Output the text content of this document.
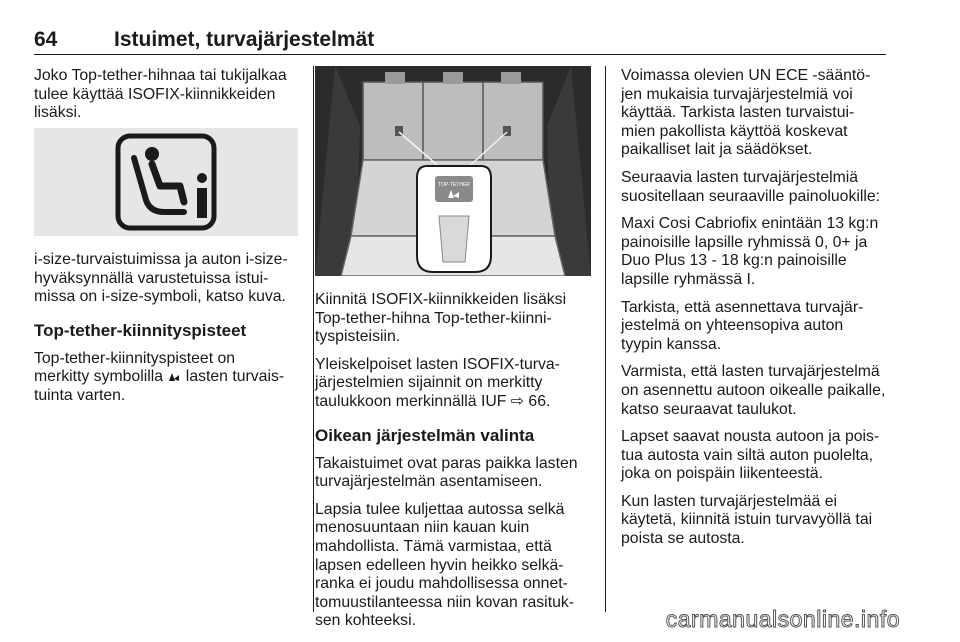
64	Istuimet, turvajärjestelmät

Joko Top-tether-hihnaa tai tukijalkaa
tulee käyttää ISOFIX-kiinnikkeiden
lisäksi.

i-size-turvaistuimissa ja auton i-size-
hyväksynnällä varustetuissa istui-
missa on i-size-symboli, katso kuva.

Top-tether-kiinnityspisteet

Top-tether-kiinnityspisteet on
merkitty symbolilla  lasten turvais-
tuinta varten.

TOP-TETHER

Kiinnitä ISOFIX-kiinnikkeiden lisäksi
Top-tether-hihna Top-tether-kiinni-
tyspisteisiin.

Yleiskelpoiset lasten ISOFIX-turva-
järjestelmien sijainnit on merkitty
taulukkoon merkinnällä IUF ⇨ 66.

Oikean järjestelmän valinta

Takaistuimet ovat paras paikka lasten
turvajärjestelmän asentamiseen.

Lapsia tulee kuljettaa autossa selkä
menosuuntaan niin kauan kuin
mahdollista. Tämä varmistaa, että
lapsen edelleen hyvin heikko selkä-
ranka ei joudu mahdollisessa onnet-
tomuustilanteessa niin kovan rasituk-
sen kohteeksi.

Voimassa olevien UN ECE -sääntö-
jen mukaisia turvajärjestelmiä voi
käyttää. Tarkista lasten turvaistui-
mien pakollista käyttöä koskevat
paikalliset lait ja säädökset.

Seuraavia lasten turvajärjestelmiä
suositellaan seuraaville painoluokille:

Maxi Cosi Cabriofix enintään 13 kg:n
painoisille lapsille ryhmissä 0, 0+ ja
Duo Plus 13 - 18 kg:n painoisille
lapsille ryhmässä I.

Tarkista, että asennettava turvajär-
jestelmä on yhteensopiva auton
tyypin kanssa.

Varmista, että lasten turvajärjestelmä
on asennettu autoon oikealle paikalle,
katso seuraavat taulukot.

Lapset saavat nousta autoon ja pois-
tua autosta vain siltä auton puolelta,
joka on poispäin liikenteestä.

Kun lasten turvajärjestelmää ei
käytetä, kiinnitä istuin turvavyöllä tai
poista se autosta.

carmanualsonline.info
